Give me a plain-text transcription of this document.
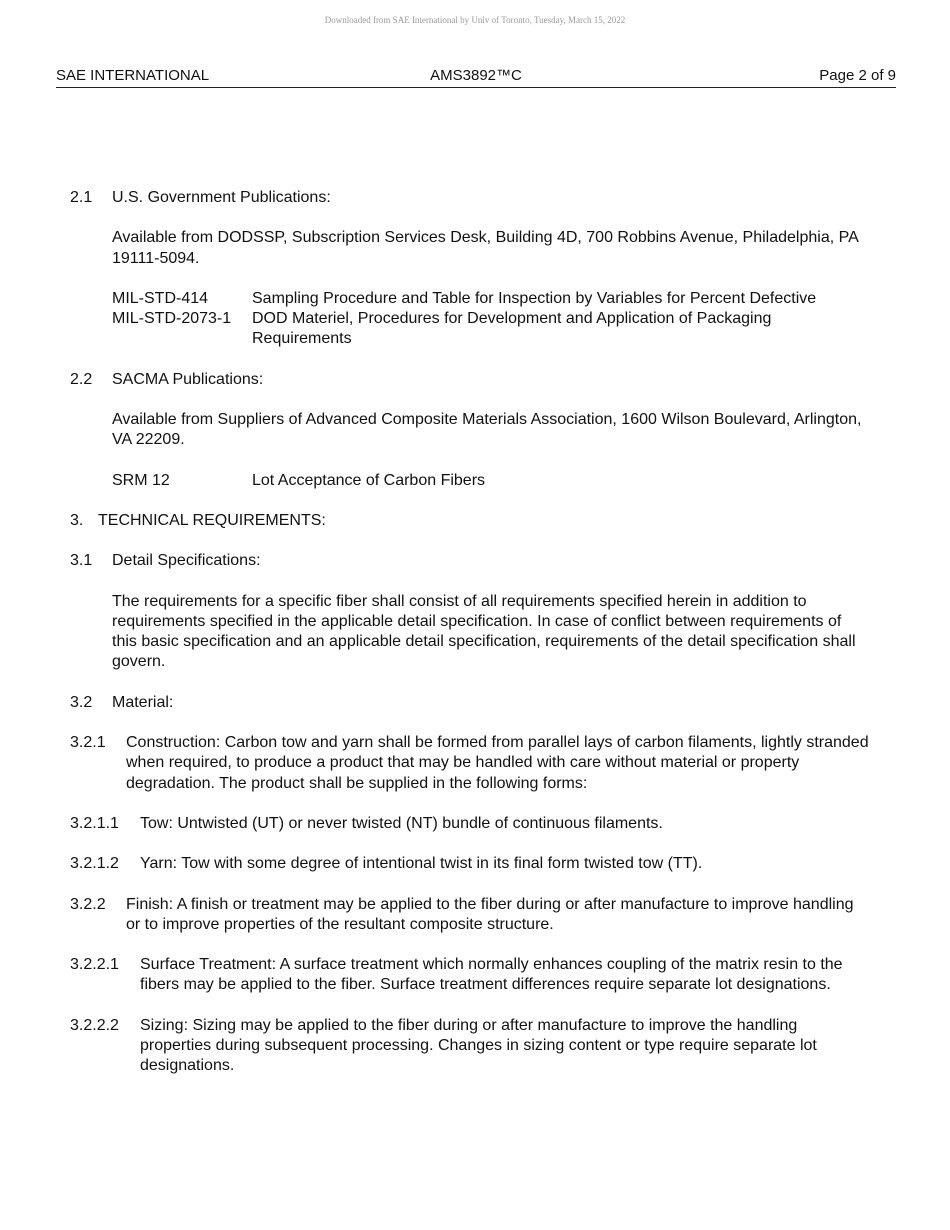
Downloaded from SAE International by Univ of Toronto, Tuesday, March 15, 2022
SAE INTERNATIONAL	AMS3892™C	Page 2 of 9
2.1	U.S. Government Publications:
Available from DODSSP, Subscription Services Desk, Building 4D, 700 Robbins Avenue, Philadelphia, PA 19111-5094.
MIL-STD-414	Sampling Procedure and Table for Inspection by Variables for Percent Defective
MIL-STD-2073-1	DOD Materiel, Procedures for Development and Application of Packaging Requirements
2.2	SACMA Publications:
Available from Suppliers of Advanced Composite Materials Association, 1600 Wilson Boulevard, Arlington, VA 22209.
SRM 12	Lot Acceptance of Carbon Fibers
3. TECHNICAL REQUIREMENTS:
3.1	Detail Specifications:
The requirements for a specific fiber shall consist of all requirements specified herein in addition to requirements specified in the applicable detail specification. In case of conflict between requirements of this basic specification and an applicable detail specification, requirements of the detail specification shall govern.
3.2	Material:
3.2.1	Construction: Carbon tow and yarn shall be formed from parallel lays of carbon filaments, lightly stranded when required, to produce a product that may be handled with care without material or property degradation. The product shall be supplied in the following forms:
3.2.1.1	Tow: Untwisted (UT) or never twisted (NT) bundle of continuous filaments.
3.2.1.2	Yarn: Tow with some degree of intentional twist in its final form twisted tow (TT).
3.2.2	Finish: A finish or treatment may be applied to the fiber during or after manufacture to improve handling or to improve properties of the resultant composite structure.
3.2.2.1	Surface Treatment: A surface treatment which normally enhances coupling of the matrix resin to the fibers may be applied to the fiber. Surface treatment differences require separate lot designations.
3.2.2.2	Sizing: Sizing may be applied to the fiber during or after manufacture to improve the handling properties during subsequent processing. Changes in sizing content or type require separate lot designations.
